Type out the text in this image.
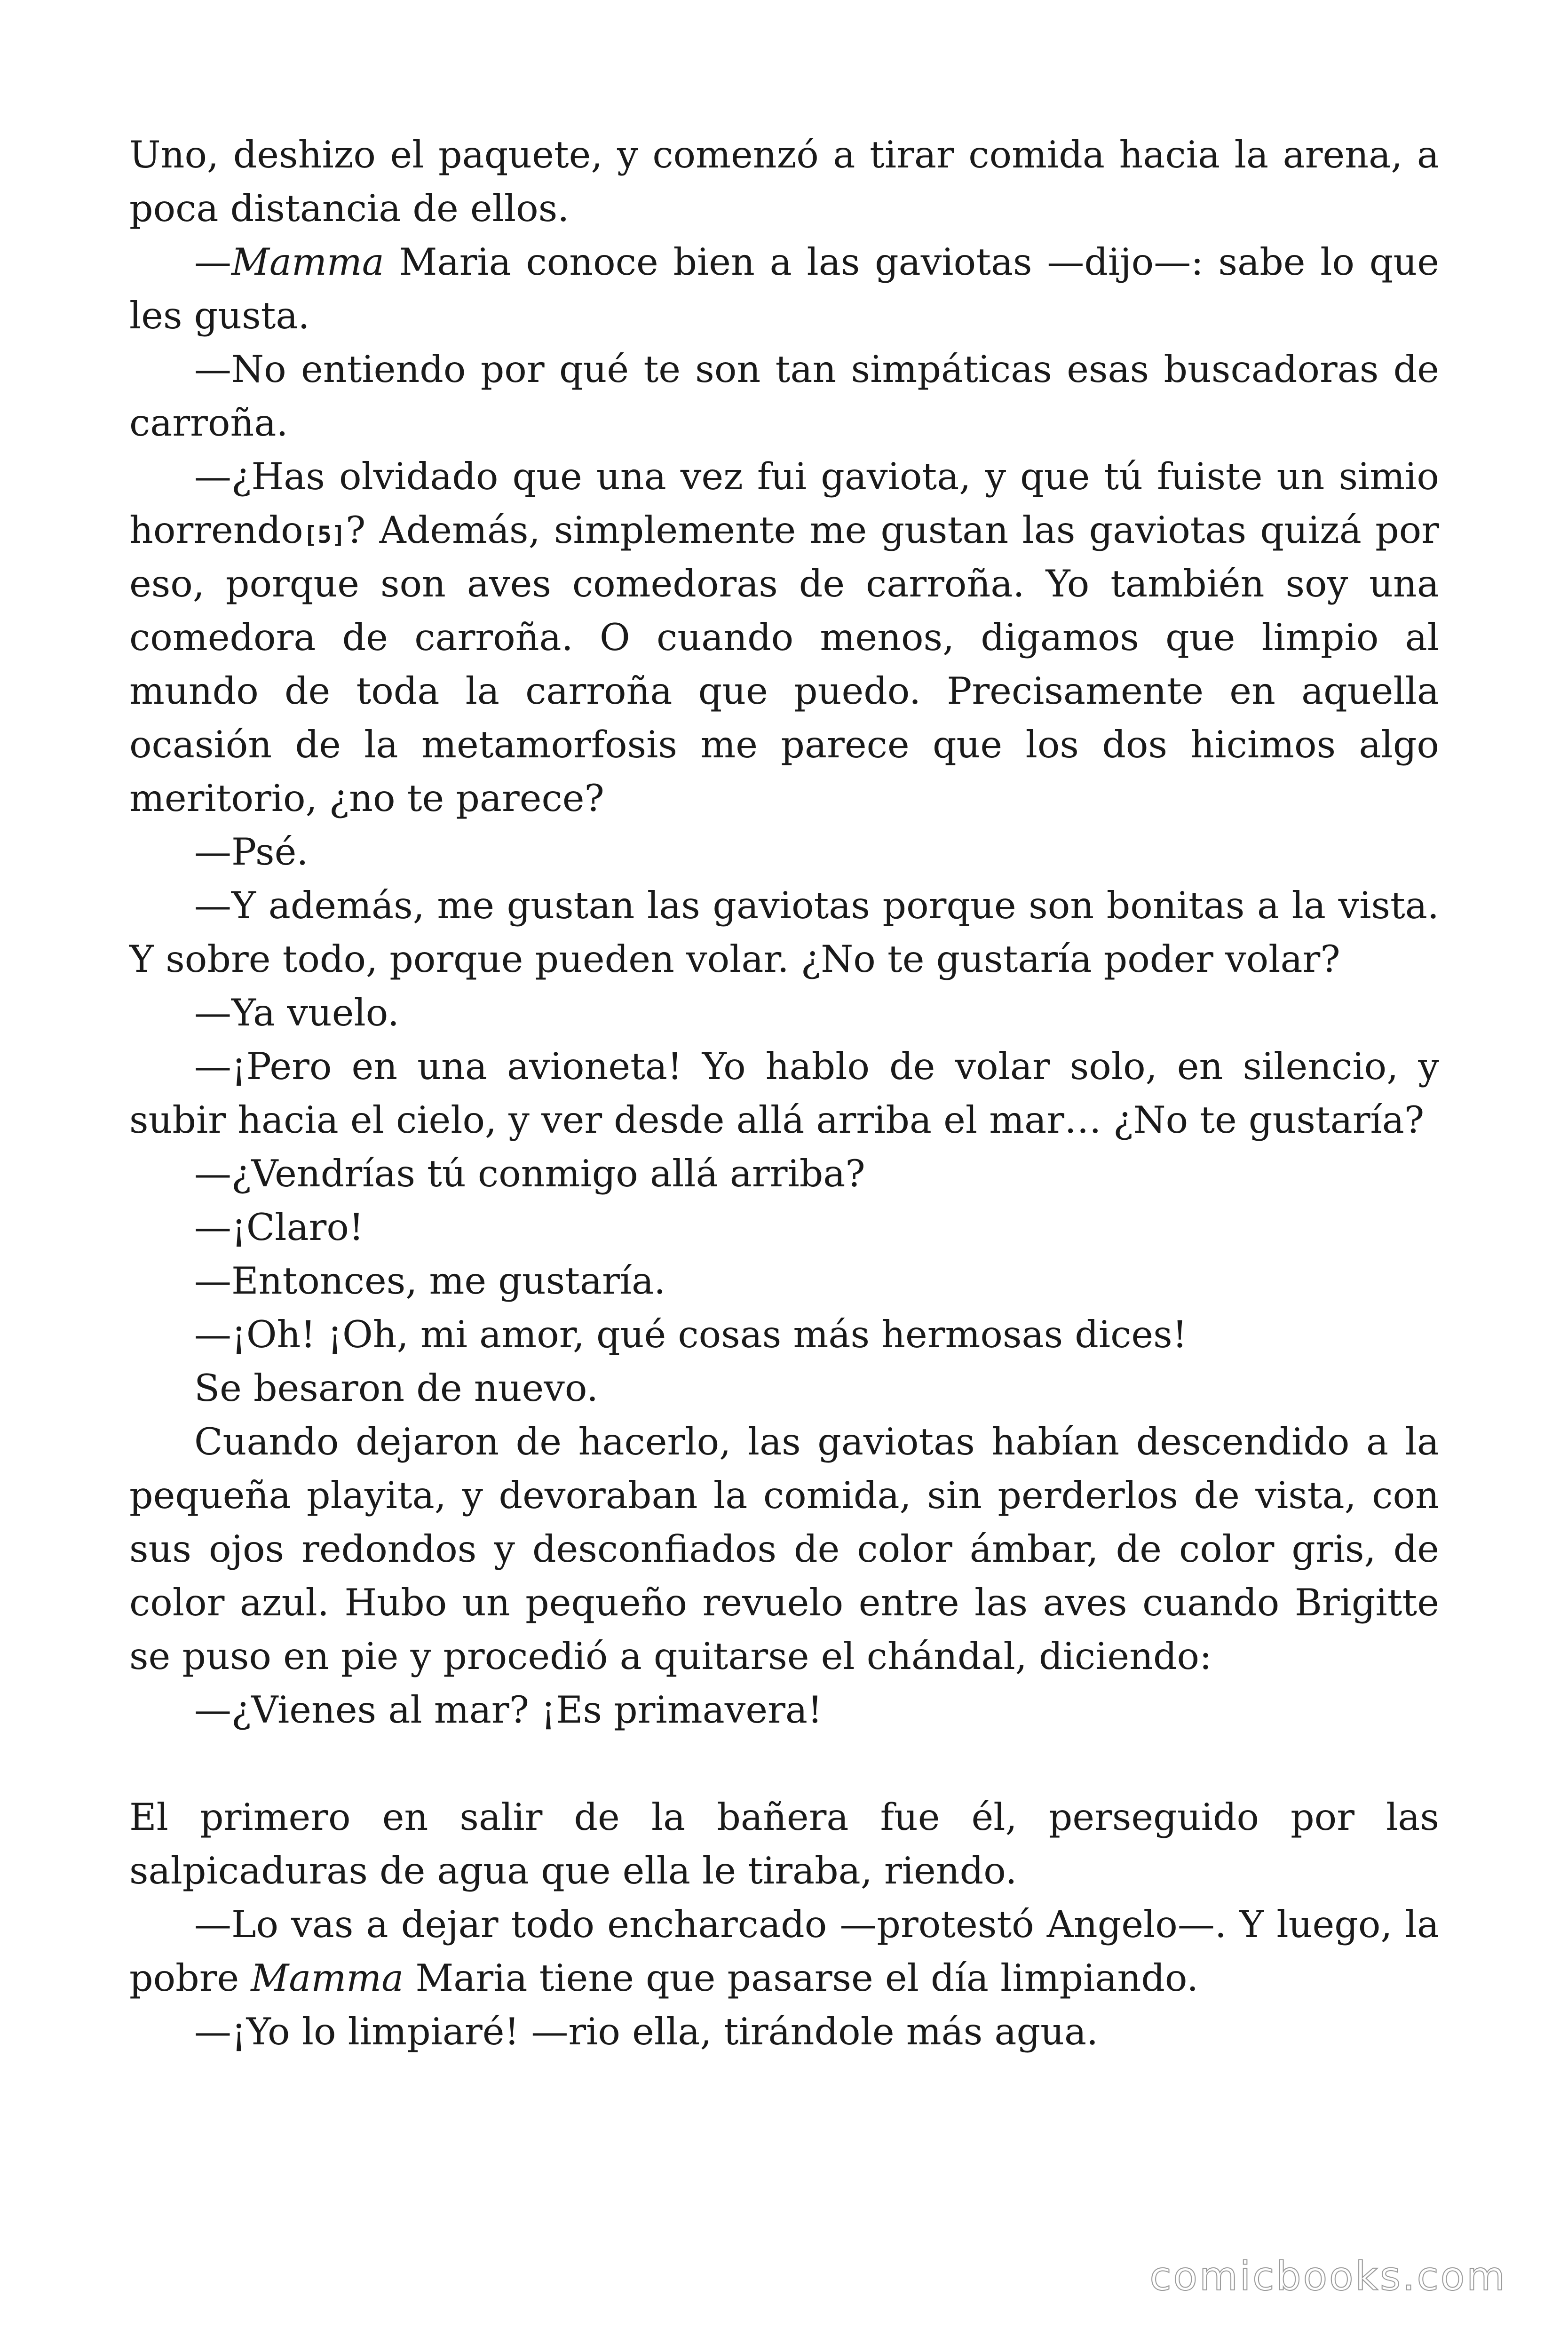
Uno, deshizo el paquete, y comenzó a tirar comida hacia la arena, a poca distancia de ellos.

—Mamma Maria conoce bien a las gaviotas —dijo—: sabe lo que les gusta.

—No entiendo por qué te son tan simpáticas esas buscadoras de carroña.

—¿Has olvidado que una vez fui gaviota, y que tú fuiste un simio horrendo[5]? Además, simplemente me gustan las gaviotas quizá por eso, porque son aves comedoras de carroña. Yo también soy una comedora de carroña. O cuando menos, digamos que limpio al mundo de toda la carroña que puedo. Precisamente en aquella ocasión de la metamorfosis me parece que los dos hicimos algo meritorio, ¿no te parece?

—Psé.

—Y además, me gustan las gaviotas porque son bonitas a la vista. Y sobre todo, porque pueden volar. ¿No te gustaría poder volar?

—Ya vuelo.

—¡Pero en una avioneta! Yo hablo de volar solo, en silencio, y subir hacia el cielo, y ver desde allá arriba el mar… ¿No te gustaría?

—¿Vendrías tú conmigo allá arriba?

—¡Claro!

—Entonces, me gustaría.

—¡Oh! ¡Oh, mi amor, qué cosas más hermosas dices!

Se besaron de nuevo.

Cuando dejaron de hacerlo, las gaviotas habían descendido a la pequeña playita, y devoraban la comida, sin perderlos de vista, con sus ojos redondos y desconfiados de color ámbar, de color gris, de color azul. Hubo un pequeño revuelo entre las aves cuando Brigitte se puso en pie y procedió a quitarse el chándal, diciendo:

—¿Vienes al mar? ¡Es primavera!

El primero en salir de la bañera fue él, perseguido por las salpicaduras de agua que ella le tiraba, riendo.

—Lo vas a dejar todo encharcado —protestó Angelo—. Y luego, la pobre Mamma Maria tiene que pasarse el día limpiando.

—¡Yo lo limpiaré! —rio ella, tirándole más agua.

comicbooks.com
